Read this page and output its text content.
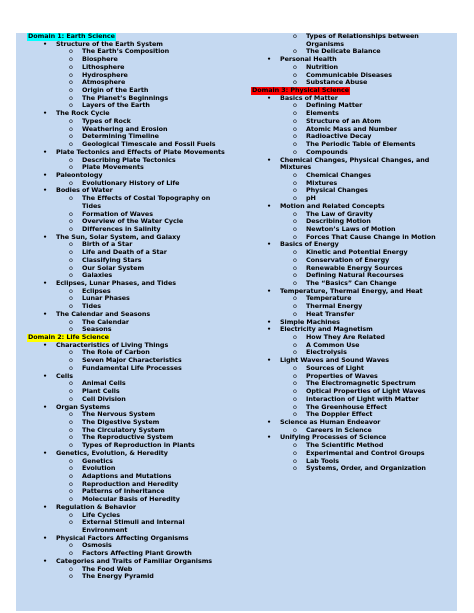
Domain 1: Earth Science
• Structure of the Earth System
o The Earth’s Composition
o Biosphere
o Lithosphere
o Hydrosphere
o Atmosphere
o Origin of the Earth
o The Planet’s Beginnings
o Layers of the Earth
• The Rock Cycle
o Types of Rock
o Weathering and Erosion
o Determining Timeline
o Geological Timescale and Fossil Fuels
• Plate Tectonics and Effects of Plate Movements
o Describing Plate Tectonics
o Plate Movements
• Paleontology
o Evolutionary History of Life
• Bodies of Water
o The Effects of Costal Topography on
Tides
o Formation of Waves
o Overview of the Water Cycle
o Differences in Salinity
• The Sun, Solar System, and Galaxy
o Birth of a Star
o Life and Death of a Star
o Classifying Stars
o Our Solar System
o Galaxies
• Eclipses, Lunar Phases, and Tides
o Eclipses
o Lunar Phases
o Tides
• The Calendar and Seasons
o The Calendar
o Seasons
Domain 2: Life Science
• Characteristics of Living Things
o The Role of Carbon
o Seven Major Characteristics
o Fundamental Life Processes
• Cells
o Animal Cells
o Plant Cells
o Cell Division
• Organ Systems
o The Nervous System
o The Digestive System
o The Circulatory System
o The Reproductive System
o Types of Reproduction in Plants
• Genetics, Evolution, & Heredity
o Genetics
o Evolution
o Adaptions and Mutations
o Reproduction and Heredity
o Patterns of Inheritance
o Molecular Basis of Heredity
• Regulation & Behavior
o Life Cycles
o External Stimuli and Internal
Environment
• Physical Factors Affecting Organisms
o Osmosis
o Factors Affecting Plant Growth
• Categories and Traits of Familiar Organisms
o The Food Web
o The Energy Pyramid
o Types of Relationships between
Organisms
o The Delicate Balance
• Personal Health
o Nutrition
o Communicable Diseases
o Substance Abuse
Domain 3: Physical Science
• Basics of Matter
o Defining Matter
o Elements
o Structure of an Atom
o Atomic Mass and Number
o Radioactive Decay
o The Periodic Table of Elements
o Compounds
• Chemical Changes, Physical Changes, and Mixtures
o Chemical Changes
o Mixtures
o Physical Changes
o pH
• Motion and Related Concepts
o The Law of Gravity
o Describing Motion
o Newton’s Laws of Motion
o Forces That Cause Change in Motion
• Basics of Energy
o Kinetic and Potential Energy
o Conservation of Energy
o Renewable Energy Sources
o Defining Natural Recourses
o The “Basics” Can Change
• Temperature, Thermal Energy, and Heat
o Temperature
o Thermal Energy
o Heat Transfer
• Simple Machines
• Electricity and Magnetism
o How They Are Related
o A Common Use
o Electrolysis
• Light Waves and Sound Waves
o Sources of Light
o Properties of Waves
o The Electromagnetic Spectrum
o Optical Properties of Light Waves
o Interaction of Light with Matter
o The Greenhouse Effect
o The Doppler Effect
• Science as Human Endeavor
o Careers in Science
• Unifying Processes of Science
o The Scientific Method
o Experimental and Control Groups
o Lab Tools
o Systems, Order, and Organization
